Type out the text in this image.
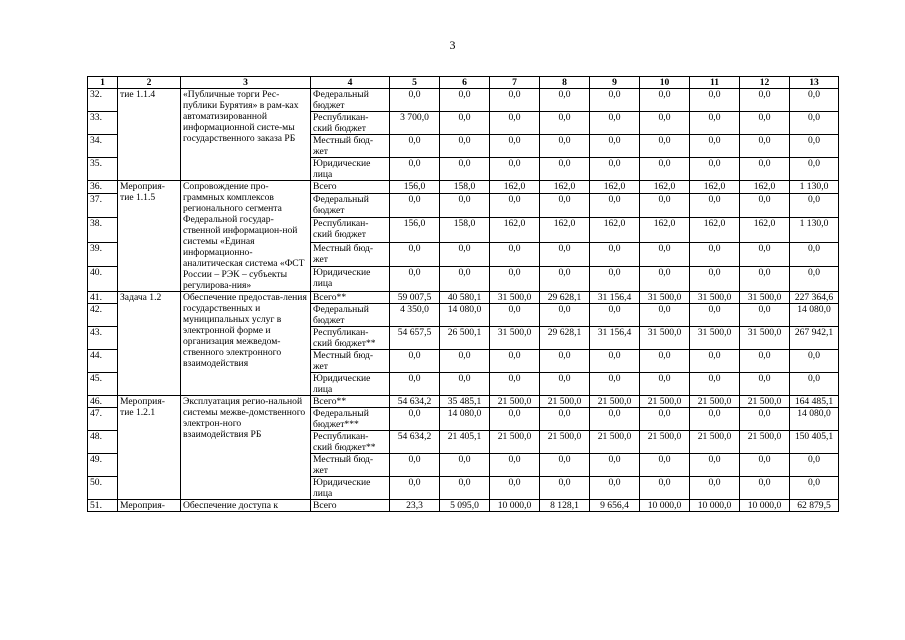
3
1	2	3	4	5	6	7	8	9	10	11	12	13
32.	тие 1.1.4	«Публичные торги Рес-публики Бурятия» в рам-ках автоматизированной информационной систе-мы государственного заказа РБ	Федеральный бюджет	0,0	0,0	0,0	0,0	0,0	0,0	0,0	0,0	0,0
33.			Республикан-ский бюджет	3 700,0	0,0	0,0	0,0	0,0	0,0	0,0	0,0	0,0
34.			Местный бюд-жет	0,0	0,0	0,0	0,0	0,0	0,0	0,0	0,0	0,0
35.			Юридические лица	0,0	0,0	0,0	0,0	0,0	0,0	0,0	0,0	0,0
36.	Мероприя-тие 1.1.5	Сопровождение про-граммных комплексов регионального сегмента Федеральной государ-ственной информацион-ной системы «Единая информационно-аналитическая система «ФСТ России – РЭК – субъекты регулирова-ния»	Всего	156,0	158,0	162,0	162,0	162,0	162,0	162,0	162,0	1 130,0
37.			Федеральный бюджет	0,0	0,0	0,0	0,0	0,0	0,0	0,0	0,0	0,0
38.			Республикан-ский бюджет	156,0	158,0	162,0	162,0	162,0	162,0	162,0	162,0	1 130,0
39.			Местный бюд-жет	0,0	0,0	0,0	0,0	0,0	0,0	0,0	0,0	0,0
40.			Юридические лица	0,0	0,0	0,0	0,0	0,0	0,0	0,0	0,0	0,0
41.	Задача 1.2	Обеспечение предостав-ления государственных и муниципальных услуг в электронной форме и организация межведом-ственного электронного взаимодействия	Всего**	59 007,5	40 580,1	31 500,0	29 628,1	31 156,4	31 500,0	31 500,0	31 500,0	227 364,6
42.			Федеральный бюджет	4 350,0	14 080,0	0,0	0,0	0,0	0,0	0,0	0,0	14 080,0
43.			Республикан-ский бюджет**	54 657,5	26 500,1	31 500,0	29 628,1	31 156,4	31 500,0	31 500,0	31 500,0	267 942,1
44.			Местный бюд-жет	0,0	0,0	0,0	0,0	0,0	0,0	0,0	0,0	0,0
45.			Юридические лица	0,0	0,0	0,0	0,0	0,0	0,0	0,0	0,0	0,0
46.	Мероприя-тие 1.2.1	Эксплуатация регио-нальной системы межве-домственного электрон-ного взаимодействия РБ	Всего**	54 634,2	35 485,1	21 500,0	21 500,0	21 500,0	21 500,0	21 500,0	21 500,0	164 485,1
47.			Федеральный бюджет***	0,0	14 080,0	0,0	0,0	0,0	0,0	0,0	0,0	14 080,0
48.			Республикан-ский бюджет**	54 634,2	21 405,1	21 500,0	21 500,0	21 500,0	21 500,0	21 500,0	21 500,0	150 405,1
49.			Местный бюд-жет	0,0	0,0	0,0	0,0	0,0	0,0	0,0	0,0	0,0
50.			Юридические лица	0,0	0,0	0,0	0,0	0,0	0,0	0,0	0,0	0,0
51.	Мероприя-	Обеспечение доступа к	Всего	23,3	5 095,0	10 000,0	8 128,1	9 656,4	10 000,0	10 000,0	10 000,0	62 879,5
